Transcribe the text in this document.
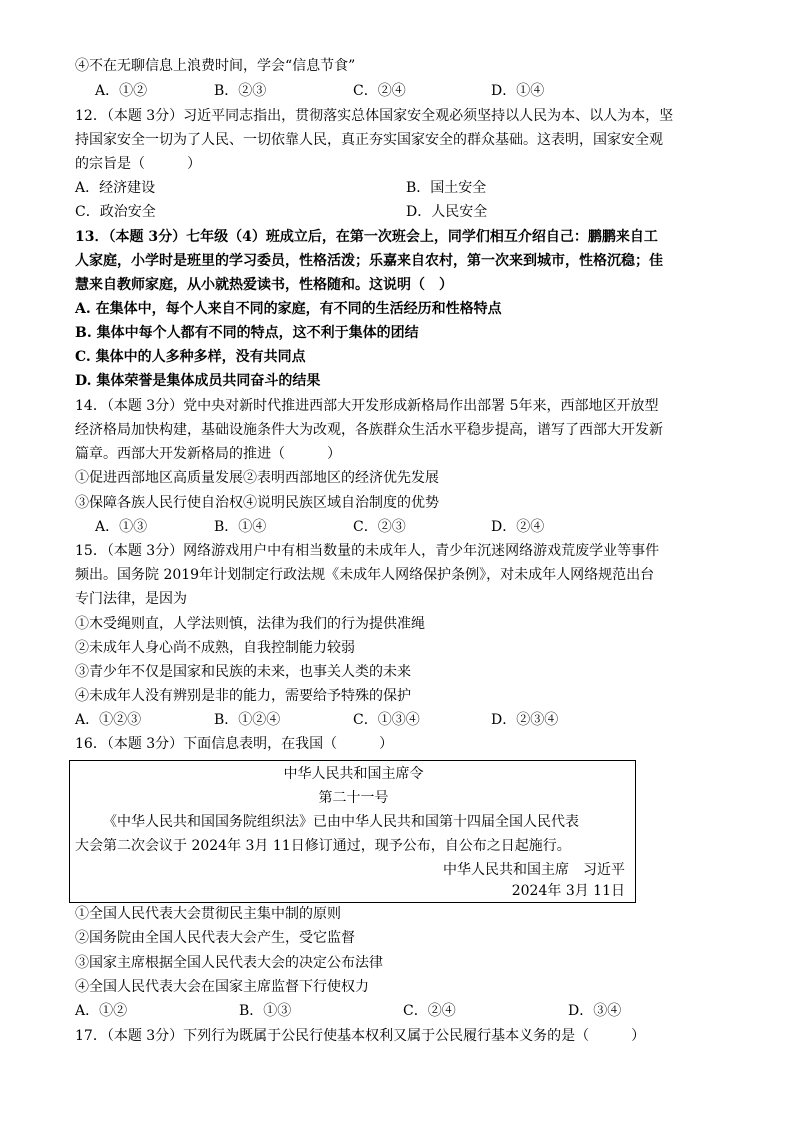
④不在无聊信息上浪费时间，学会“信息节食”
A．①②	B．②③	C．②④	D．①④
12．（本题 3分）习近平同志指出，贯彻落实总体国家安全观必须坚持以人民为本、以人为本，坚
持国家安全一切为了人民、一切依靠人民，真正夯实国家安全的群众基础。这表明，国家安全观
的宗旨是（　　　）
A．经济建设	B．国土安全
C．政治安全	D．人民安全
13．（本题 3分）七年级（4）班成立后，在第一次班会上，同学们相互介绍自己：鹏鹏来自工
人家庭，小学时是班里的学习委员，性格活泼；乐嘉来自农村，第一次来到城市，性格沉稳；佳
慧来自教师家庭，从小就热爱读书，性格随和。这说明（　）
A. 在集体中，每个人来自不同的家庭，有不同的生活经历和性格特点
B. 集体中每个人都有不同的特点，这不利于集体的团结
C. 集体中的人多种多样，没有共同点
D. 集体荣誉是集体成员共同奋斗的结果
14．（本题 3分）党中央对新时代推进西部大开发形成新格局作出部署 5年来，西部地区开放型
经济格局加快构建，基础设施条件大为改观，各族群众生活水平稳步提高，谱写了西部大开发新
篇章。西部大开发新格局的推进（　　　）
①促进西部地区高质量发展②表明西部地区的经济优先发展
③保障各族人民行使自治权④说明民族区域自治制度的优势
A．①③	B．①④	C．②③	D．②④
15．（本题 3分）网络游戏用户中有相当数量的未成年人，青少年沉迷网络游戏荒废学业等事件
频出。国务院 2019年计划制定行政法规《未成年人网络保护条例》，对未成年人网络规范出台
专门法律，是因为
①木受绳则直，人学法则慎，法律为我们的行为提供准绳
②未成年人身心尚不成熟，自我控制能力较弱
③青少年不仅是国家和民族的未来，也事关人类的未来
④未成年人没有辨别是非的能力，需要给予特殊的保护
A．①②③	B．①②④	C．①③④	D．②③④
16．（本题 3分）下面信息表明，在我国（　　　）
中华人民共和国主席令
第二十一号
《中华人民共和国国务院组织法》已由中华人民共和国第十四届全国人民代表
大会第二次会议于 2024年 3月 11日修订通过，现予公布，自公布之日起施行。
中华人民共和国主席　习近平
2024年 3月 11日
①全国人民代表大会贯彻民主集中制的原则
②国务院由全国人民代表大会产生，受它监督
③国家主席根据全国人民代表大会的决定公布法律
④全国人民代表大会在国家主席监督下行使权力
A．①②	B．①③	C．②④	D．③④
17．（本题 3分）下列行为既属于公民行使基本权利又属于公民履行基本义务的是（　　　）
